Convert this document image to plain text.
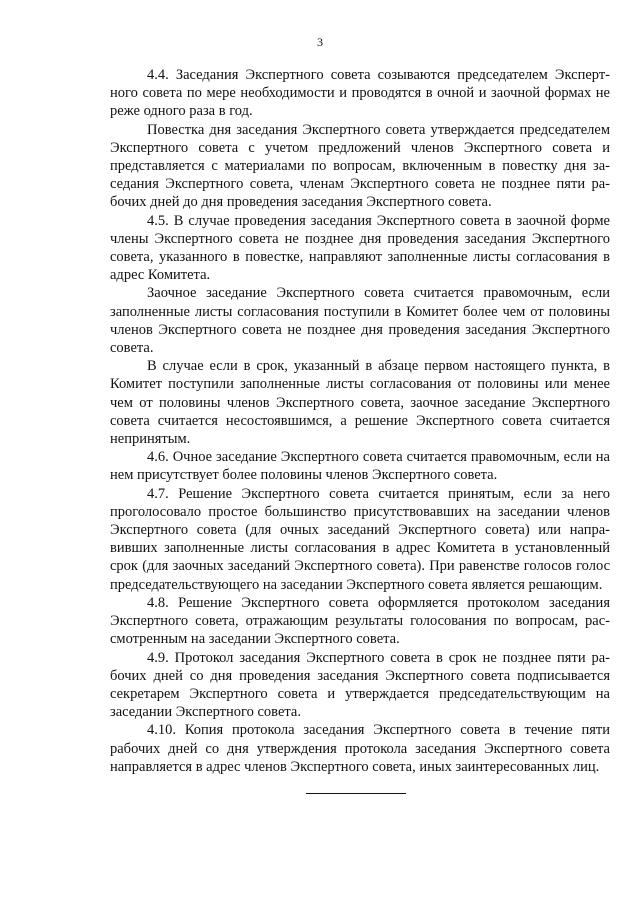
3

4.4. Заседания Экспертного совета созываются председателем Экспертного совета по мере необходимости и проводятся в очной и заочной формах не реже одного раза в год.

Повестка дня заседания Экспертного совета утверждается председателем Экспертного совета с учетом предложений членов Экспертного совета и представляется с материалами по вопросам, включенным в повестку дня заседания Экспертного совета, членам Экспертного совета не позднее пяти рабочих дней до дня проведения заседания Экспертного совета.

4.5. В случае проведения заседания Экспертного совета в заочной форме члены Экспертного совета не позднее дня проведения заседания Экспертного совета, указанного в повестке, направляют заполненные листы согласования в адрес Комитета.

Заочное заседание Экспертного совета считается правомочным, если заполненные листы согласования поступили в Комитет более чем от половины членов Экспертного совета не позднее дня проведения заседания Экспертного совета.

В случае если в срок, указанный в абзаце первом настоящего пункта, в Комитет поступили заполненные листы согласования от половины или менее чем от половины членов Экспертного совета, заочное заседание Экспертного совета считается несостоявшимся, а решение Экспертного совета считается непринятым.

4.6. Очное заседание Экспертного совета считается правомочным, если на нем присутствует более половины членов Экспертного совета.

4.7. Решение Экспертного совета считается принятым, если за него проголосовало простое большинство присутствовавших на заседании членов Экспертного совета (для очных заседаний Экспертного совета) или направивших заполненные листы согласования в адрес Комитета в установленный срок (для заочных заседаний Экспертного совета). При равенстве голосов голос председательствующего на заседании Экспертного совета является решающим.

4.8. Решение Экспертного совета оформляется протоколом заседания Экспертного совета, отражающим результаты голосования по вопросам, рассмотренным на заседании Экспертного совета.

4.9. Протокол заседания Экспертного совета в срок не позднее пяти рабочих дней со дня проведения заседания Экспертного совета подписывается секретарем Экспертного совета и утверждается председательствующим на заседании Экспертного совета.

4.10. Копия протокола заседания Экспертного совета в течение пяти рабочих дней со дня утверждения протокола заседания Экспертного совета направляется в адрес членов Экспертного совета, иных заинтересованных лиц.
